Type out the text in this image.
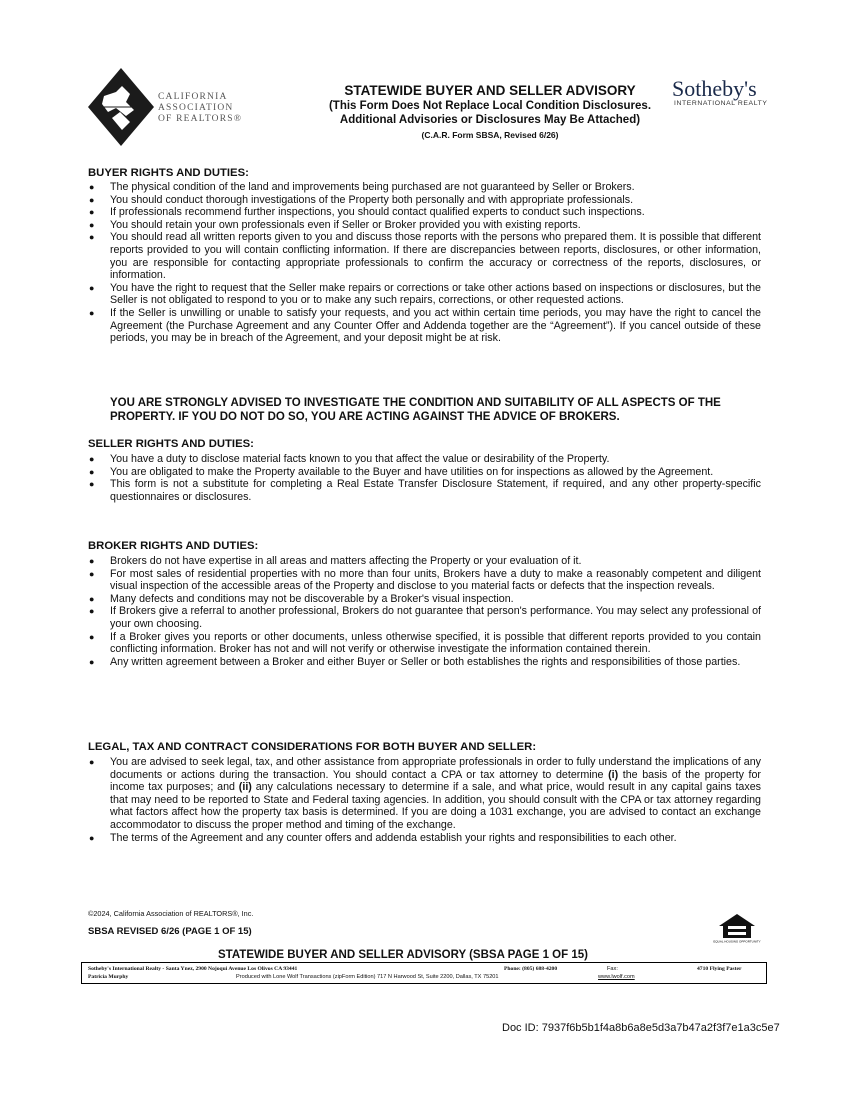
CALIFORNIA
ASSOCIATION
OF REALTORS®
STATEWIDE BUYER AND SELLER ADVISORY
(This Form Does Not Replace Local Condition Disclosures.
Additional Advisories or Disclosures May Be Attached)
(C.A.R. Form SBSA, Revised 6/26)
Sotheby's
INTERNATIONAL REALTY
BUYER RIGHTS AND DUTIES:
● The physical condition of the land and improvements being purchased are not guaranteed by Seller or Brokers.
● You should conduct thorough investigations of the Property both personally and with appropriate professionals.
● If professionals recommend further inspections, you should contact qualified experts to conduct such inspections.
● You should retain your own professionals even if Seller or Broker provided you with existing reports.
● You should read all written reports given to you and discuss those reports with the persons who prepared them. It is possible that different reports provided to you will contain conflicting information. If there are discrepancies between reports, disclosures, or other information, you are responsible for contacting appropriate professionals to confirm the accuracy or correctness of the reports, disclosures, or information.
● You have the right to request that the Seller make repairs or corrections or take other actions based on inspections or disclosures, but the Seller is not obligated to respond to you or to make any such repairs, corrections, or other requested actions.
● If the Seller is unwilling or unable to satisfy your requests, and you act within certain time periods, you may have the right to cancel the Agreement (the Purchase Agreement and any Counter Offer and Addenda together are the “Agreement”). If you cancel outside of these periods, you may be in breach of the Agreement, and your deposit might be at risk.
YOU ARE STRONGLY ADVISED TO INVESTIGATE THE CONDITION AND SUITABILITY OF ALL ASPECTS OF THE PROPERTY. IF YOU DO NOT DO SO, YOU ARE ACTING AGAINST THE ADVICE OF BROKERS.
SELLER RIGHTS AND DUTIES:
● You have a duty to disclose material facts known to you that affect the value or desirability of the Property.
● You are obligated to make the Property available to the Buyer and have utilities on for inspections as allowed by the Agreement.
● This form is not a substitute for completing a Real Estate Transfer Disclosure Statement, if required, and any other property-specific questionnaires or disclosures.
BROKER RIGHTS AND DUTIES:
● Brokers do not have expertise in all areas and matters affecting the Property or your evaluation of it.
● For most sales of residential properties with no more than four units, Brokers have a duty to make a reasonably competent and diligent visual inspection of the accessible areas of the Property and disclose to you material facts or defects that the inspection reveals.
● Many defects and conditions may not be discoverable by a Broker's visual inspection.
● If Brokers give a referral to another professional, Brokers do not guarantee that person's performance. You may select any professional of your own choosing.
● If a Broker gives you reports or other documents, unless otherwise specified, it is possible that different reports provided to you contain conflicting information. Broker has not and will not verify or otherwise investigate the information contained therein.
● Any written agreement between a Broker and either Buyer or Seller or both establishes the rights and responsibilities of those parties.
LEGAL, TAX AND CONTRACT CONSIDERATIONS FOR BOTH BUYER AND SELLER:
● You are advised to seek legal, tax, and other assistance from appropriate professionals in order to fully understand the implications of any documents or actions during the transaction. You should contact a CPA or tax attorney to determine (i) the basis of the property for income tax purposes; and (ii) any calculations necessary to determine if a sale, and what price, would result in any capital gains taxes that may need to be reported to State and Federal taxing agencies. In addition, you should consult with the CPA or tax attorney regarding what factors affect how the property tax basis is determined. If you are doing a 1031 exchange, you are advised to contact an exchange accommodator to discuss the proper method and timing of the exchange.
● The terms of the Agreement and any counter offers and addenda establish your rights and responsibilities to each other.
©2024, California Association of REALTORS®, Inc.
SBSA REVISED 6/26 (PAGE 1 OF 15)
EQUAL HOUSING OPPORTUNITY
STATEWIDE BUYER AND SELLER ADVISORY (SBSA PAGE 1 OF 15)
Sotheby's International Realty - Santa Ynez, 2900 Nojoqui Avenue Los Olivos CA 93441	Phone: (805) 688-4200	Fax:	4710 Flying Paster
Patricia Murphy	Produced with Lone Wolf Transactions (zipForm Edition) 717 N Harwood St, Suite 2200, Dallas, TX 75201	www.lwolf.com
Doc ID: 7937f6b5b1f4a8b6a8e5d3a7b47a2f3f7e1a3c5e7
